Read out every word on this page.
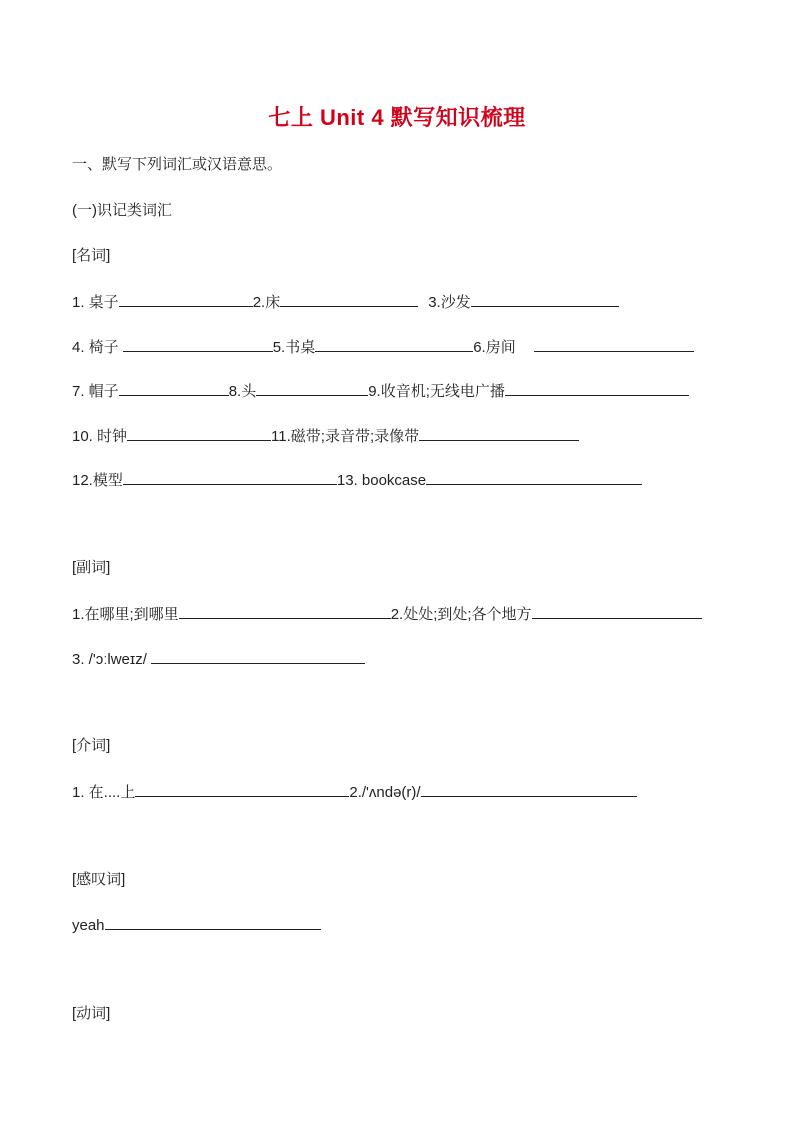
七上 Unit 4 默写知识梳理
一、默写下列词汇或汉语意思。
(一)识记类词汇
[名词]
1. 桌子	2.床	3.沙发
4. 椅子	5.书桌	6.房间
7. 帽子	8.头	9.收音机;无线电广播
10. 时钟	11.磁带;录音带;录像带
12.模型	13. bookcase
[副词]
1.在哪里;到哪里	2.处处;到处;各个地方
3. /'ɔːlweɪz/
[介词]
1. 在....上	2./'ʌndə(r)/
[感叹词]
yeah
[动词]
